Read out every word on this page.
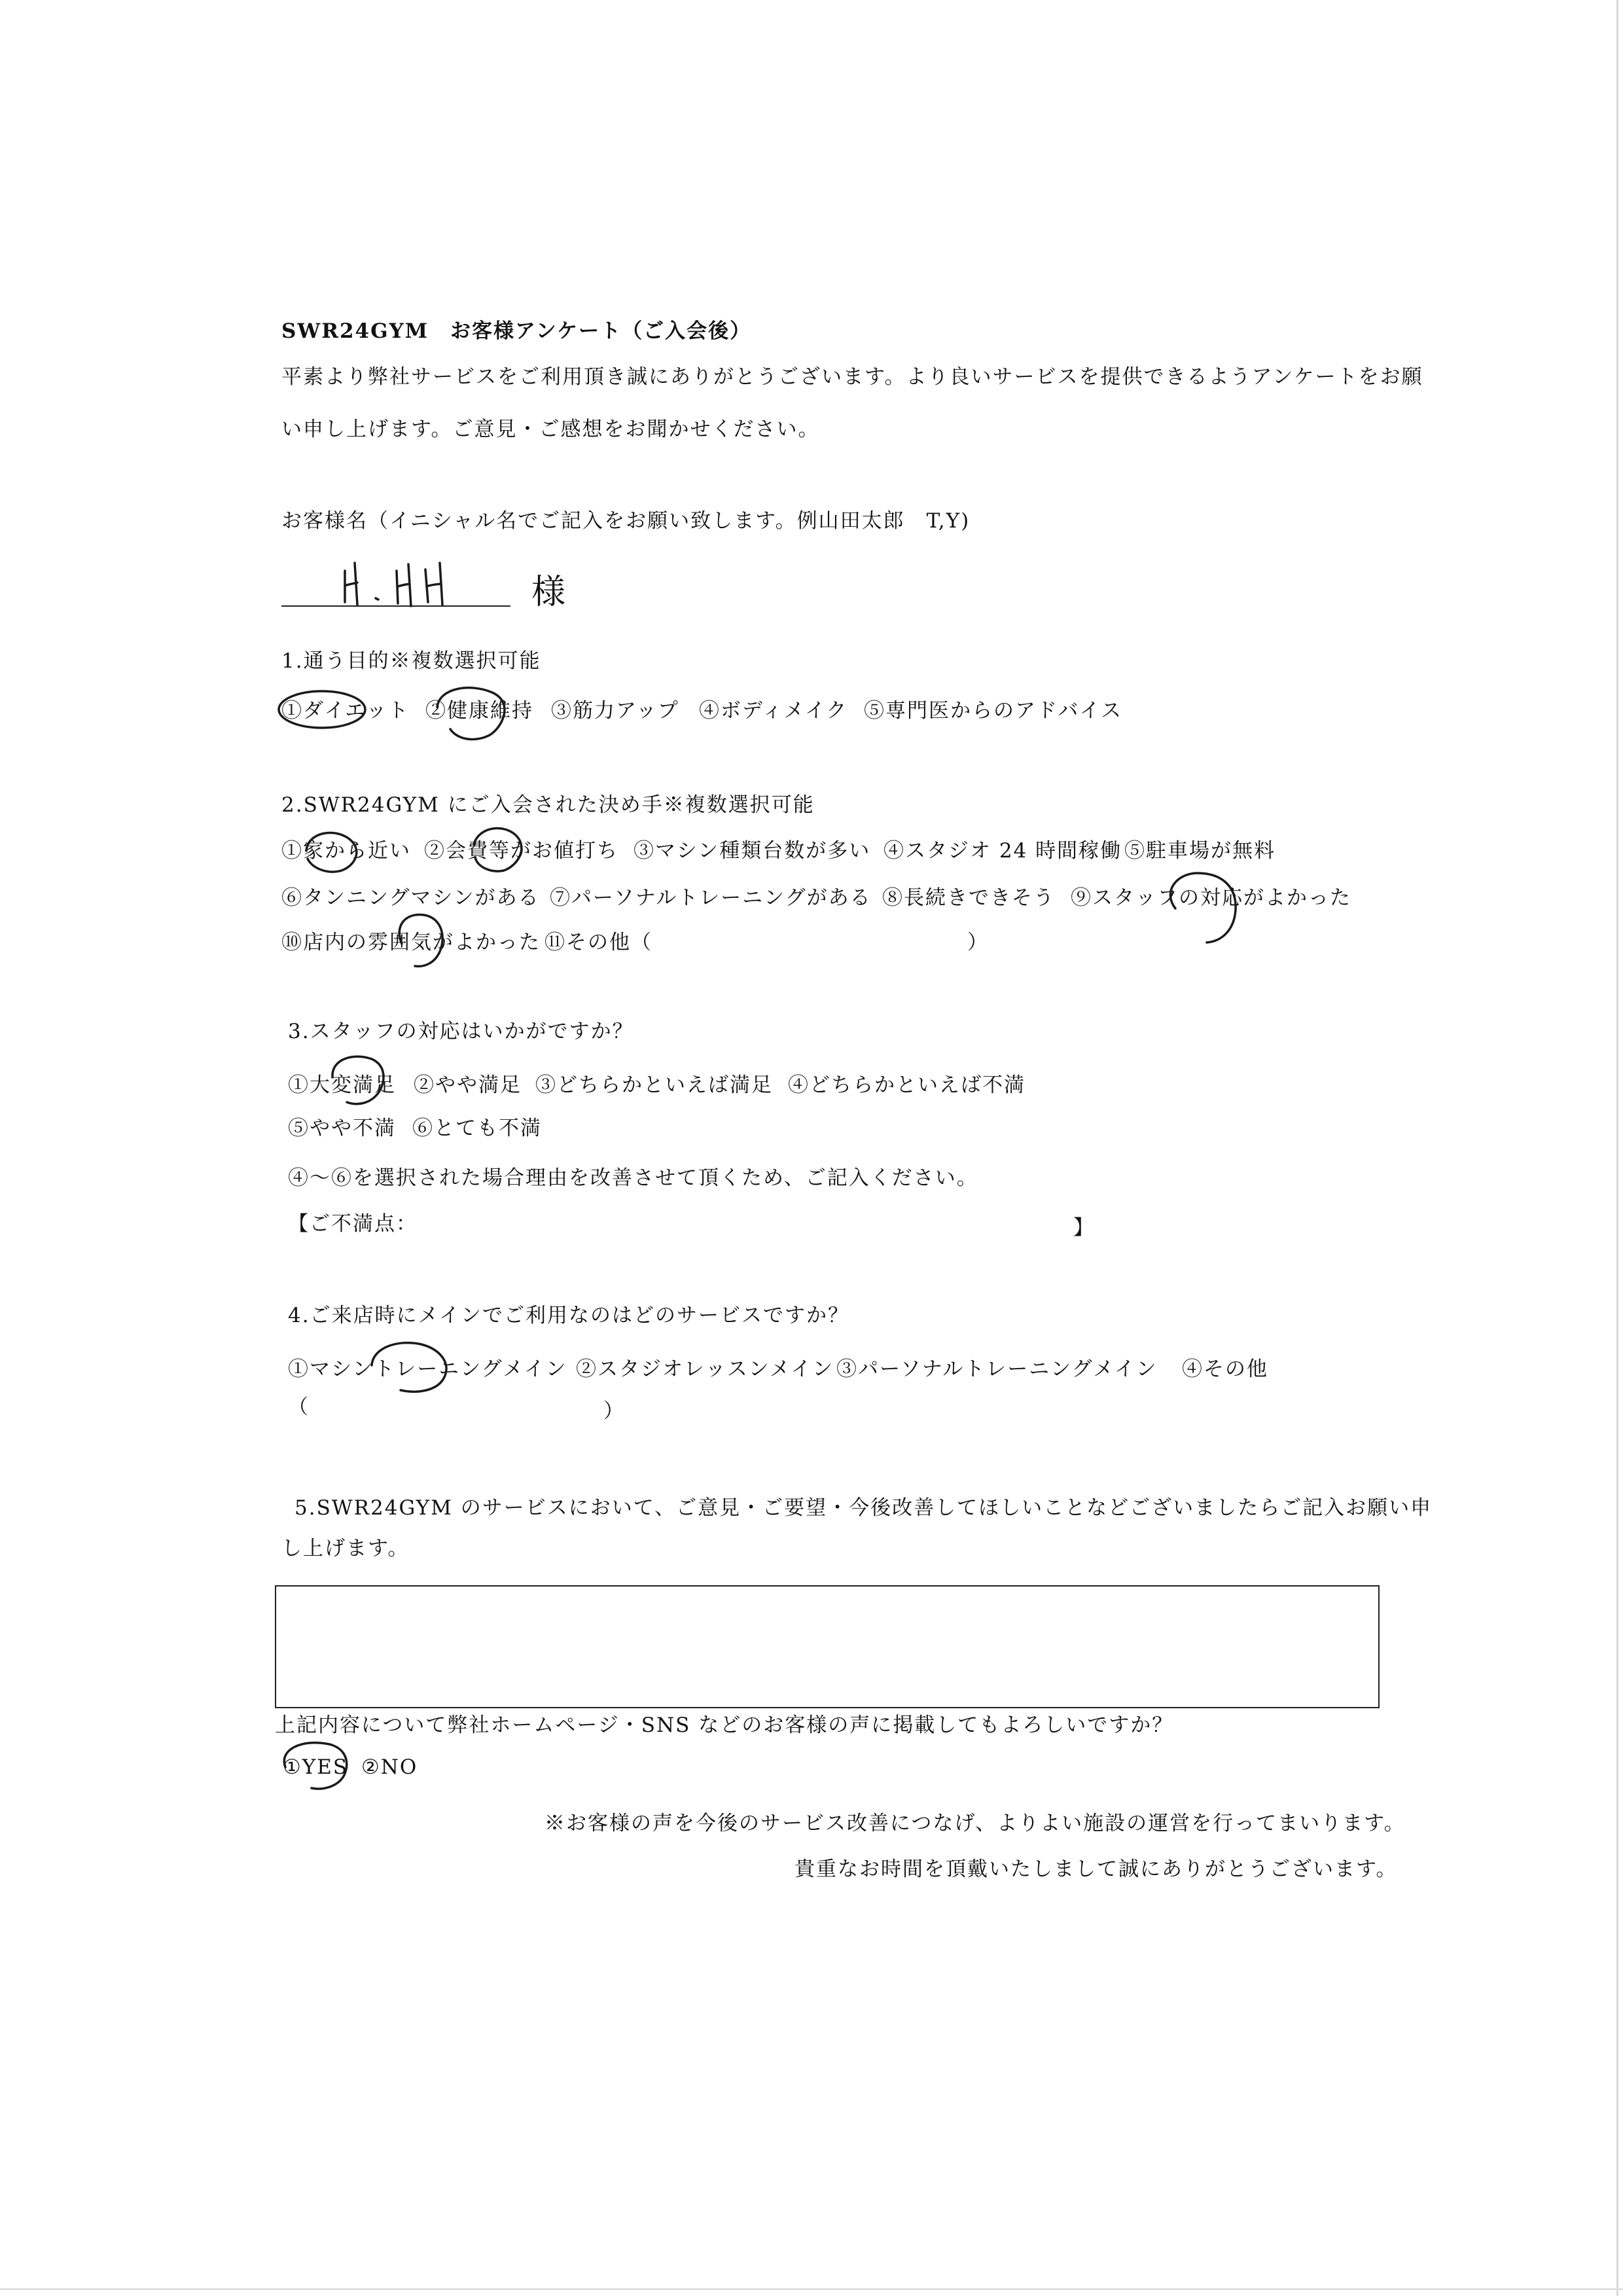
SWR24GYM　お客様アンケート（ご入会後）
平素より弊社サービスをご利用頂き誠にありがとうございます。より良いサービスを提供できるようアンケートをお願
い申し上げます。ご意見・ご感想をお聞かせください。
お客様名（イニシャル名でご記入をお願い致します。例山田太郎　T,Y)
様
1.通う目的※複数選択可能
①ダイエット ②健康維持 ③筋力アップ ④ボディメイク ⑤専門医からのアドバイス
2.SWR24GYM にご入会された決め手※複数選択可能
①家から近い ②会費等がお値打ち ③マシン種類台数が多い ④スタジオ 24 時間稼働 ⑤駐車場が無料
⑥タンニングマシンがある ⑦パーソナルトレーニングがある ⑧長続きできそう ⑨スタッフの対応がよかった
⑩店内の雰囲気がよかった ⑪その他（	）
3.スタッフの対応はいかがですか？
①大変満足 ②やや満足 ③どちらかといえば満足 ④どちらかといえば不満
⑤やや不満 ⑥とても不満
④～⑥を選択された場合理由を改善させて頂くため、ご記入ください。
【ご不満点：	】
4.ご来店時にメインでご利用なのはどのサービスですか？
①マシントレーニングメイン ②スタジオレッスンメイン ③パーソナルトレーニングメイン ④その他
（	）
5.SWR24GYM のサービスにおいて、ご意見・ご要望・今後改善してほしいことなどございましたらご記入お願い申
し上げます。
上記内容について弊社ホームページ・SNS などのお客様の声に掲載してもよろしいですか？
①YES ②NO
※お客様の声を今後のサービス改善につなげ、よりよい施設の運営を行ってまいります。
貴重なお時間を頂戴いたしまして誠にありがとうございます。
